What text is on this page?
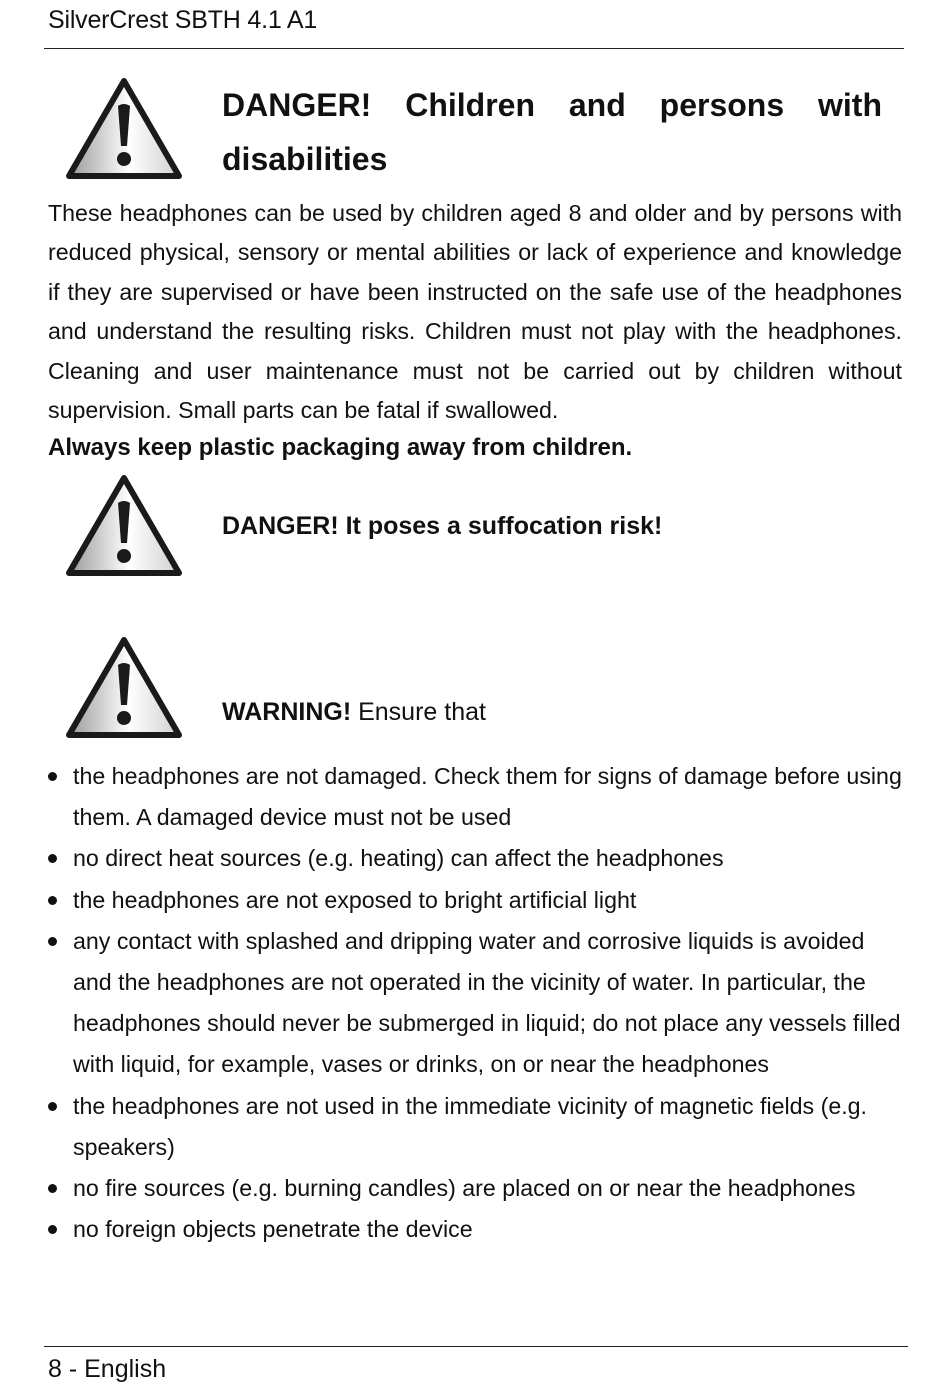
SilverCrest SBTH 4.1 A1
DANGER! Children and persons with disabilities
These headphones can be used by children aged 8 and older and by persons with reduced physical, sensory or mental abilities or lack of experience and knowledge if they are supervised or have been instructed on the safe use of the headphones and understand the resulting risks. Children must not play with the headphones. Cleaning and user maintenance must not be carried out by children without supervision. Small parts can be fatal if swallowed.
Always keep plastic packaging away from children.
DANGER! It poses a suffocation risk!
WARNING! Ensure that
the headphones are not damaged. Check them for signs of damage before using them. A damaged device must not be used
no direct heat sources (e.g. heating) can affect the headphones
the headphones are not exposed to bright artificial light
any contact with splashed and dripping water and corrosive liquids is avoided and the headphones are not operated in the vicinity of water. In particular, the headphones should never be submerged in liquid; do not place any vessels filled with liquid, for example, vases or drinks, on or near the headphones
the headphones are not used in the immediate vicinity of magnetic fields (e.g. speakers)
no fire sources (e.g. burning candles) are placed on or near the headphones
no foreign objects penetrate the device
8 - English
